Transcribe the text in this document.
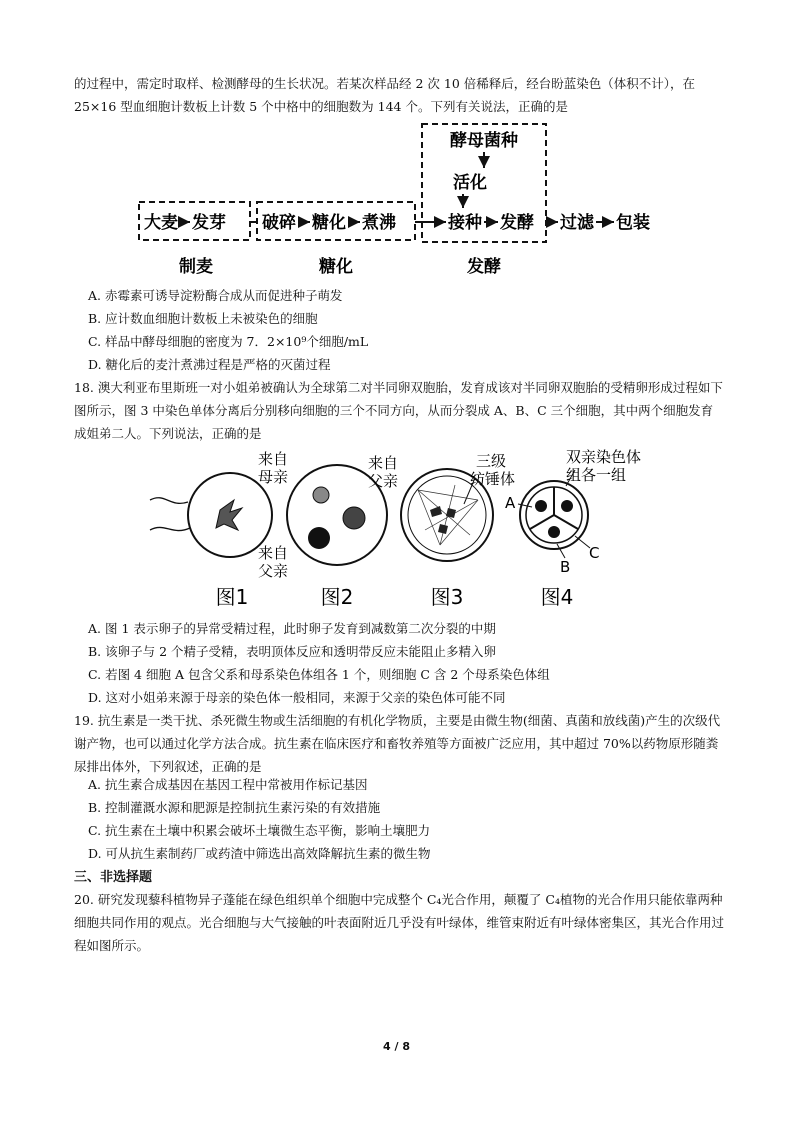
的过程中，需定时取样、检测酵母的生长状况。若某次样品经 2 次 10 倍稀释后，经台盼蓝染色（体积不计），在 25×16 型血细胞计数板上计数 5 个中格中的细胞数为 144 个。下列有关说法，正确的是

酵母菌种
活化
大麦 发芽 破碎 糖化 煮沸	接种 发酵 过滤 包装
制麦	糖化	发酵
A. 赤霉素可诱导淀粉酶合成从而促进种子萌发
B. 应计数血细胞计数板上未被染色的细胞
C. 样品中酵母细胞的密度为 7．2×10⁹个细胞/mL
D. 糖化后的麦汁煮沸过程是严格的灭菌过程

18. 澳大利亚布里斯班一对小姐弟被确认为全球第二对半同卵双胞胎，发育成该对半同卵双胞胎的受精卵形成过程如下图所示，图 3 中染色单体分离后分别移向细胞的三个不同方向，从而分裂成 A、B、C 三个细胞，其中两个细胞发育成姐弟二人。下列说法，正确的是

来自
母亲
来自
父亲
来自
父亲
三级
纺锤体
A
B
C
双亲染色体
组各一组
图1	图2	图3	图4
A. 图 1 表示卵子的异常受精过程，此时卵子发育到减数第二次分裂的中期
B. 该卵子与 2 个精子受精，表明顶体反应和透明带反应未能阻止多精入卵
C. 若图 4 细胞 A 包含父系和母系染色体组各 1 个，则细胞 C 含 2 个母系染色体组
D. 这对小姐弟来源于母亲的染色体一般相同，来源于父亲的染色体可能不同

19. 抗生素是一类干扰、杀死微生物或生活细胞的有机化学物质，主要是由微生物(细菌、真菌和放线菌)产生的次级代谢产物，也可以通过化学方法合成。抗生素在临床医疗和畜牧养殖等方面被广泛应用，其中超过 70%以药物原形随粪尿排出体外，下列叙述，正确的是

A. 抗生素合成基因在基因工程中常被用作标记基因
B. 控制灌溉水源和肥源是控制抗生素污染的有效措施
C. 抗生素在土壤中积累会破坏土壤微生态平衡，影响土壤肥力
D. 可从抗生素制药厂或药渣中筛选出高效降解抗生素的微生物
三、非选择题

20. 研究发现藜科植物异子蓬能在绿色组织单个细胞中完成整个 C₄光合作用，颠覆了 C₄植物的光合作用只能依靠两种细胞共同作用的观点。光合细胞与大气接触的叶表面附近几乎没有叶绿体，维管束附近有叶绿体密集区，其光合作用过程如图所示。

4 / 8
